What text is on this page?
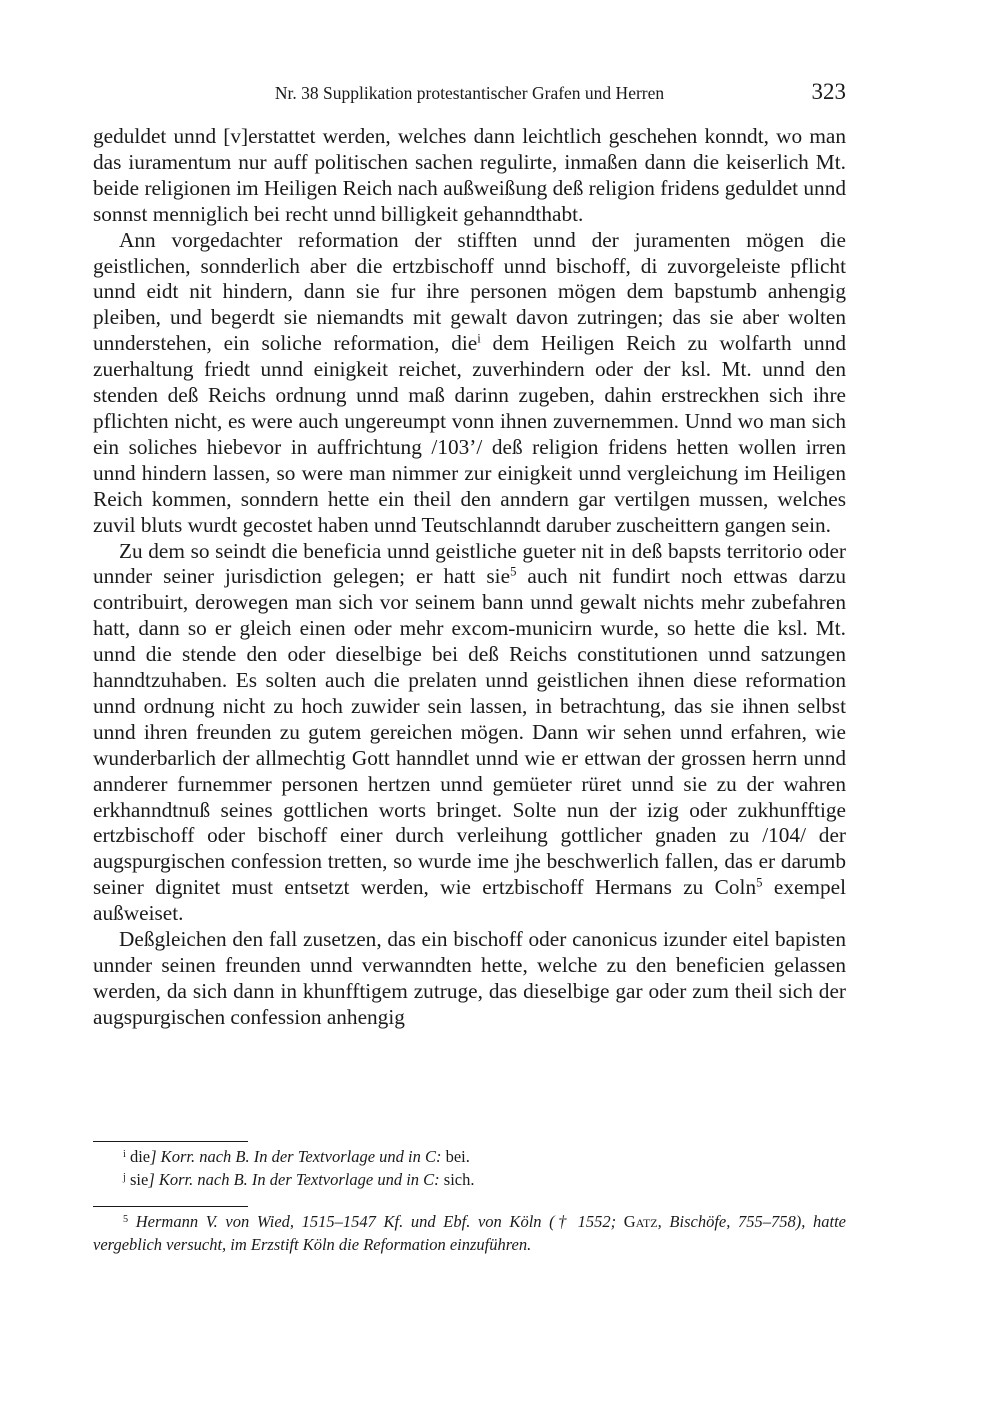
Nr. 38 Supplikation protestantischer Grafen und Herren	323

geduldet unnd [v]erstattet werden, welches dann leichtlich geschehen konndt, wo man das iuramentum nur auff politischen sachen regulirte, inmaßen dann die keiserlich Mt. beide religionen im Heiligen Reich nach außweißung deß religion fridens geduldet unnd sonnst menniglich bei recht unnd billigkeit gehanndthabt.

Ann vorgedachter reformation der stifften unnd der juramenten mögen die geistlichen, sonnderlich aber die ertzbischoff unnd bischoff, di zuvorgeleiste pflicht unnd eidt nit hindern, dann sie fur ihre personen mögen dem bapstumb anhengig pleiben, und begerdt sie niemandts mit gewalt davon zutringen; das sie aber wolten unnderstehen, ein soliche reformation, die$^i$ dem Heiligen Reich zu wolfarth unnd zuerhaltung friedt unnd einigkeit reichet, zuverhindern oder der ksl. Mt. unnd den stenden deß Reichs ordnung unnd maß darinn zugeben, dahin erstreckhen sich ihre pflichten nicht, es were auch ungereumpt vonn ihnen zuvernemmen. Unnd wo man sich ein soliches hiebevor in auffrichtung /103’/ deß religion fridens hetten wollen irren unnd hindern lassen, so were man nimmer zur einigkeit unnd vergleichung im Heiligen Reich kommen, sonndern hette ein theil den anndern gar vertilgen mussen, welches zuvil bluts wurdt gecostet haben unnd Teutschlanndt daruber zuscheittern gangen sein.

Zu dem so seindt die beneficia unnd geistliche gueter nit in deß bapsts territorio oder unnder seiner jurisdiction gelegen; er hatt sie$^5$ auch nit fundirt noch ettwas darzu contribuirt, derowegen man sich vor seinem bann unnd gewalt nichts mehr zubefahren hatt, dann so er gleich einen oder mehr excom-municirn wurde, so hette die ksl. Mt. unnd die stende den oder dieselbige bei deß Reichs constitutionen unnd satzungen hanndtzuhaben. Es solten auch die prelaten unnd geistlichen ihnen diese reformation unnd ordnung nicht zu hoch zuwider sein lassen, in betrachtung, das sie ihnen selbst unnd ihren freunden zu gutem gereichen mögen. Dann wir sehen unnd erfahren, wie wunderbarlich der allmechtig Gott hanndlet unnd wie er ettwan der grossen herrn unnd annderer furnemmer personen hertzen unnd gemüeter rüret unnd sie zu der wahren erkhanndtnuß seines gottlichen worts bringet. Solte nun der izig oder zukhunfftige ertzbischoff oder bischoff einer durch verleihung gottlicher gnaden zu /104/ der augspurgischen confession tretten, so wurde ime jhe beschwerlich fallen, das er darumb seiner dignitet must entsetzt werden, wie ertzbischoff Hermans zu Coln$^5$ exempel außweiset.

Deßgleichen den fall zusetzen, das ein bischoff oder canonicus izunder eitel bapisten unnder seinen freunden unnd verwanndten hette, welche zu den beneficien gelassen werden, da sich dann in khunfftigem zutruge, das dieselbige gar oder zum theil sich der augspurgischen confession anhengig

$^i$ die] Korr. nach B. In der Textvorlage und in C: bei.

$^j$ sie] Korr. nach B. In der Textvorlage und in C: sich.

$^5$ Hermann V. von Wied, 1515–1547 Kf. und Ebf. von Köln († 1552; Gatz, Bischöfe, 755–758), hatte vergeblich versucht, im Erzstift Köln die Reformation einzuführen.
